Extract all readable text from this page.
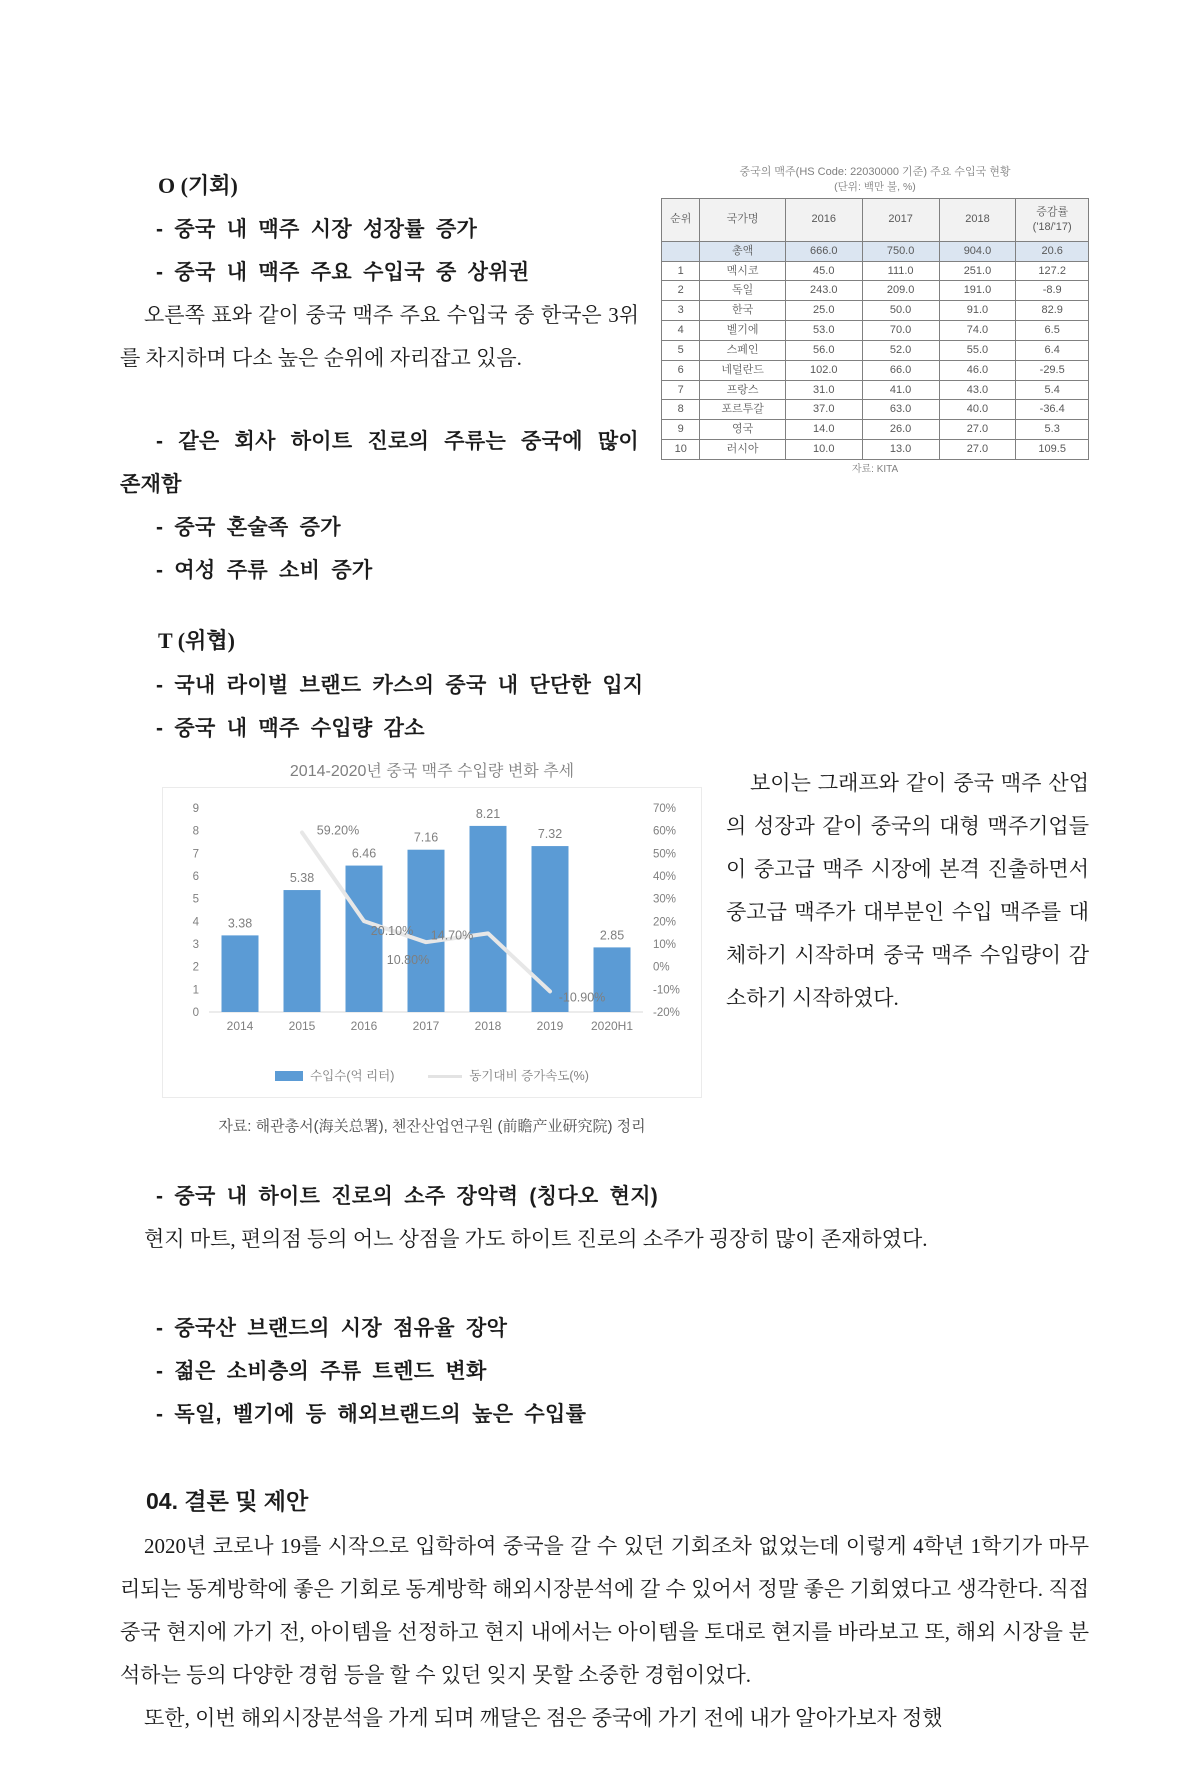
중국의 맥주(HS Code: 22030000 기준) 주요 수입국 현황
(단위: 백만 불, %)
순위	국가명	2016	2017	2018	증감률('18/'17)
	총액	666.0	750.0	904.0	20.6
1	멕시코	45.0	111.0	251.0	127.2
2	독일	243.0	209.0	191.0	-8.9
3	한국	25.0	50.0	91.0	82.9
4	벨기에	53.0	70.0	74.0	6.5
5	스페인	56.0	52.0	55.0	6.4
6	네덜란드	102.0	66.0	46.0	-29.5
7	프랑스	31.0	41.0	43.0	5.4
8	포르투갈	37.0	63.0	40.0	-36.4
9	영국	14.0	26.0	27.0	5.3
10	러시아	10.0	13.0	27.0	109.5
자료: KITA
O (기회)
- 중국 내 맥주 시장 성장률 증가
- 중국 내 맥주 주요 수입국 중 상위권

오른쪽 표와 같이 중국 맥주 주요 수입국 중 한국은 3위를 차지하며 다소 높은 순위에 자리잡고 있음.

- 같은 회사 하이트 진로의 주류는 중국에 많이 존재함
- 중국 혼술족 증가
- 여성 주류 소비 증가
T (위협)
- 국내 라이벌 브랜드 카스의 중국 내 단단한 입지
- 중국 내 맥주 수입량 감소
2014-2020년 중국 맥주 수입량 변화 추세
0
1
2
3
4
5
6
7
8
9
-20%
-10%
0%
10%
20%
30%
40%
50%
60%
70%
3.38
5.38
6.46
7.16
8.21
7.32
2.85
2014	2015	2016	2017	2018	2019 2020H1
59.20%
20.10%
10.80%
14.70%
-10.90%
수입수(억 리터)	동기대비 증가속도(%)
자료: 해관총서(海关总署), 첸잔산업연구원 (前瞻产业研究院) 정리

보이는 그래프와 같이 중국 맥주 산업의 성장과 같이 중국의 대형 맥주기업들이 중고급 맥주 시장에 본격 진출하면서 중고급 맥주가 대부분인 수입 맥주를 대체하기 시작하며 중국 맥주 수입량이 감소하기 시작하였다.

- 중국 내 하이트 진로의 소주 장악력 (칭다오 현지)

현지 마트, 편의점 등의 어느 상점을 가도 하이트 진로의 소주가 굉장히 많이 존재하였다.

- 중국산 브랜드의 시장 점유율 장악
- 젊은 소비층의 주류 트렌드 변화
- 독일, 벨기에 등 해외브랜드의 높은 수입률
04. 결론 및 제안

2020년 코로나 19를 시작으로 입학하여 중국을 갈 수 있던 기회조차 없었는데 이렇게 4학년 1학기가 마무리되는 동계방학에 좋은 기회로 동계방학 해외시장분석에 갈 수 있어서 정말 좋은 기회였다고 생각한다. 직접 중국 현지에 가기 전, 아이템을 선정하고 현지 내에서는 아이템을 토대로 현지를 바라보고 또, 해외 시장을 분석하는 등의 다양한 경험 등을 할 수 있던 잊지 못할 소중한 경험이었다.

또한, 이번 해외시장분석을 가게 되며 깨달은 점은 중국에 가기 전에 내가 알아가보자 정했
